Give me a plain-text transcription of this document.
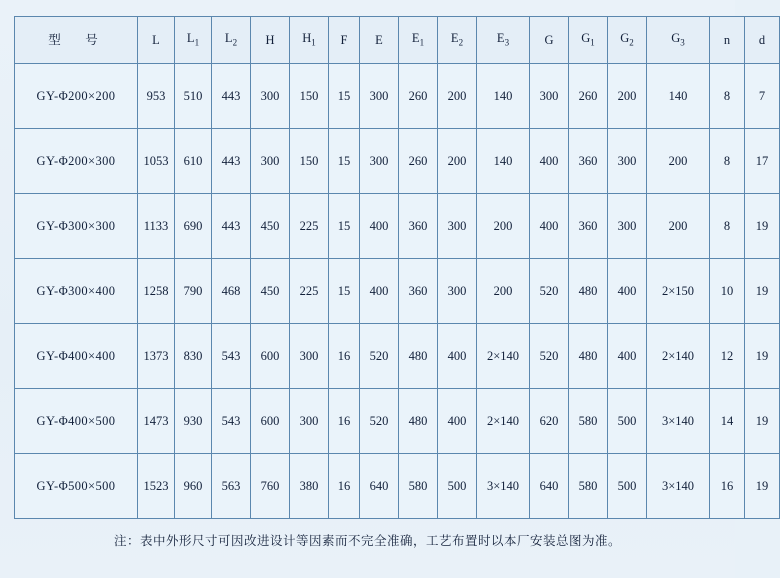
型　号	L	$L_1$	$L_2$	H	$H_1$	F	E	$E_1$	$E_2$	$E_3$	G	$G_1$	$G_2$	$G_3$	n	d
GY-Φ200×200	953	510	443	300	150	15	300	260	200	140	300	260	200	140	8	7
GY-Φ200×300	1053	610	443	300	150	15	300	260	200	140	400	360	300	200	8	17
GY-Φ300×300	1133	690	443	450	225	15	400	360	300	200	400	360	300	200	8	19
GY-Φ300×400	1258	790	468	450	225	15	400	360	300	200	520	480	400	2×150	10	19
GY-Φ400×400	1373	830	543	600	300	16	520	480	400	2×140	520	480	400	2×140	12	19
GY-Φ400×500	1473	930	543	600	300	16	520	480	400	2×140	620	580	500	3×140	14	19
GY-Φ500×500	1523	960	563	760	380	16	640	580	500	3×140	640	580	500	3×140	16	19
注：表中外形尺寸可因改进设计等因素而不完全准确，工艺布置时以本厂安装总图为准。
